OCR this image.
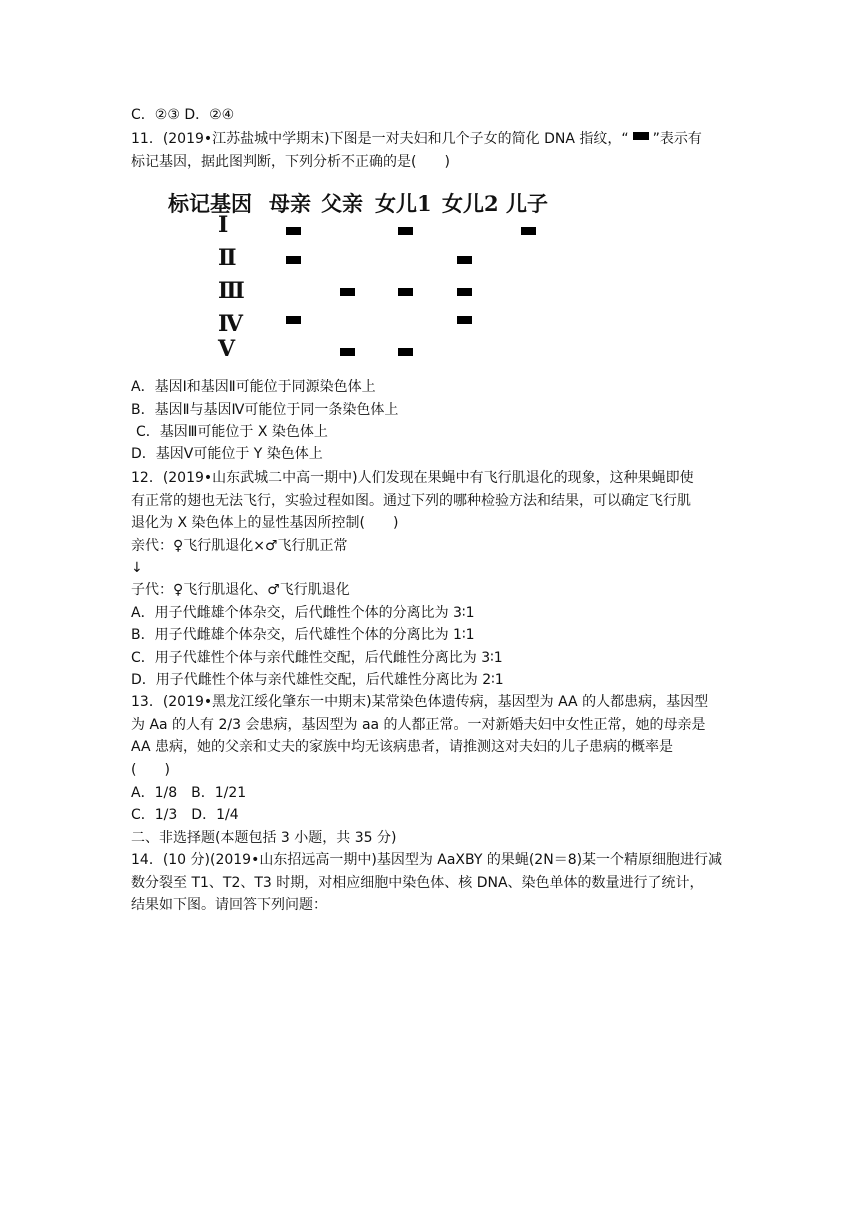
C．②③ D．②④
11．(2019•江苏盐城中学期末)下图是一对夫妇和几个子女的简化 DNA 指纹，“ ”表示有
标记基因，据此图判断，下列分析不正确的是(　　)
标记基因 母亲 父亲 女儿1 女儿2 儿子
Ⅰ
Ⅱ
Ⅲ
Ⅳ
Ⅴ
A．基因Ⅰ和基因Ⅱ可能位于同源染色体上
B．基因Ⅱ与基因Ⅳ可能位于同一条染色体上
C．基因Ⅲ可能位于 X 染色体上
D．基因Ⅴ可能位于 Y 染色体上
12．(2019•山东武城二中高一期中)人们发现在果蝇中有飞行肌退化的现象，这种果蝇即使
有正常的翅也无法飞行，实验过程如图。通过下列的哪种检验方法和结果，可以确定飞行肌
退化为 X 染色体上的显性基因所控制(　　)
亲代：♀飞行肌退化×♂飞行肌正常
↓
子代：♀飞行肌退化、♂飞行肌退化
A．用子代雌雄个体杂交，后代雌性个体的分离比为 3∶1
B．用子代雌雄个体杂交，后代雄性个体的分离比为 1∶1
C．用子代雄性个体与亲代雌性交配，后代雌性分离比为 3∶1
D．用子代雌性个体与亲代雄性交配，后代雄性分离比为 2∶1
13．(2019•黑龙江绥化肇东一中期末)某常染色体遗传病，基因型为 AA 的人都患病，基因型
为 Aa 的人有 2/3 会患病，基因型为 aa 的人都正常。一对新婚夫妇中女性正常，她的母亲是
AA 患病，她的父亲和丈夫的家族中均无该病患者，请推测这对夫妇的儿子患病的概率是
(　　)
A．1/8　B．1/21
C．1/3　D．1/4
二、非选择题(本题包括 3 小题，共 35 分)
14．(10 分)(2019•山东招远高一期中)基因型为 AaXBY 的果蝇(2N＝8)某一个精原细胞进行减
数分裂至 T1、T2、T3 时期，对相应细胞中染色体、核 DNA、染色单体的数量进行了统计，
结果如下图。请回答下列问题：
